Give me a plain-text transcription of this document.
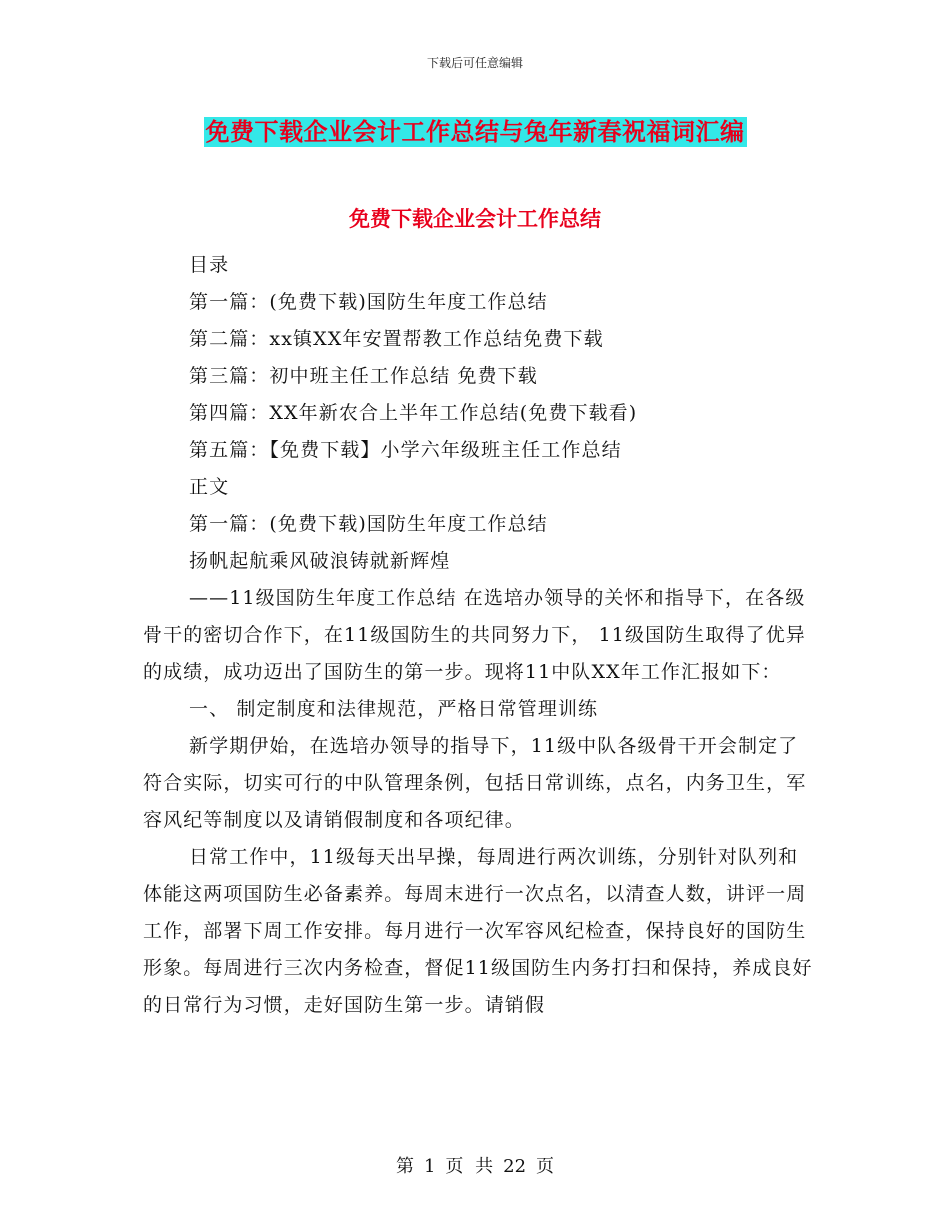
下载后可任意编辑
免费下载企业会计工作总结与兔年新春祝福词汇编
免费下载企业会计工作总结

目录

第一篇：(免费下载)国防生年度工作总结

第二篇：xx镇XX年安置帮教工作总结免费下载

第三篇：初中班主任工作总结 免费下载

第四篇：XX年新农合上半年工作总结(免费下载看)

第五篇：【免费下载】小学六年级班主任工作总结

正文

第一篇：(免费下载)国防生年度工作总结

扬帆起航乘风破浪铸就新辉煌

——11级国防生年度工作总结 在选培办领导的关怀和指导下，在各级骨干的密切合作下，在11级国防生的共同努力下， 11级国防生取得了优异的成绩，成功迈出了国防生的第一步。现将11中队XX年工作汇报如下：

一、 制定制度和法律规范，严格日常管理训练

新学期伊始，在选培办领导的指导下，11级中队各级骨干开会制定了符合实际，切实可行的中队管理条例，包括日常训练，点名，内务卫生，军容风纪等制度以及请销假制度和各项纪律。

日常工作中，11级每天出早操，每周进行两次训练，分别针对队列和体能这两项国防生必备素养。每周末进行一次点名，以清查人数，讲评一周工作，部署下周工作安排。每月进行一次军容风纪检查，保持良好的国防生形象。每周进行三次内务检查，督促11级国防生内务打扫和保持，养成良好的日常行为习惯，走好国防生第一步。请销假

第 1 页 共 22 页
